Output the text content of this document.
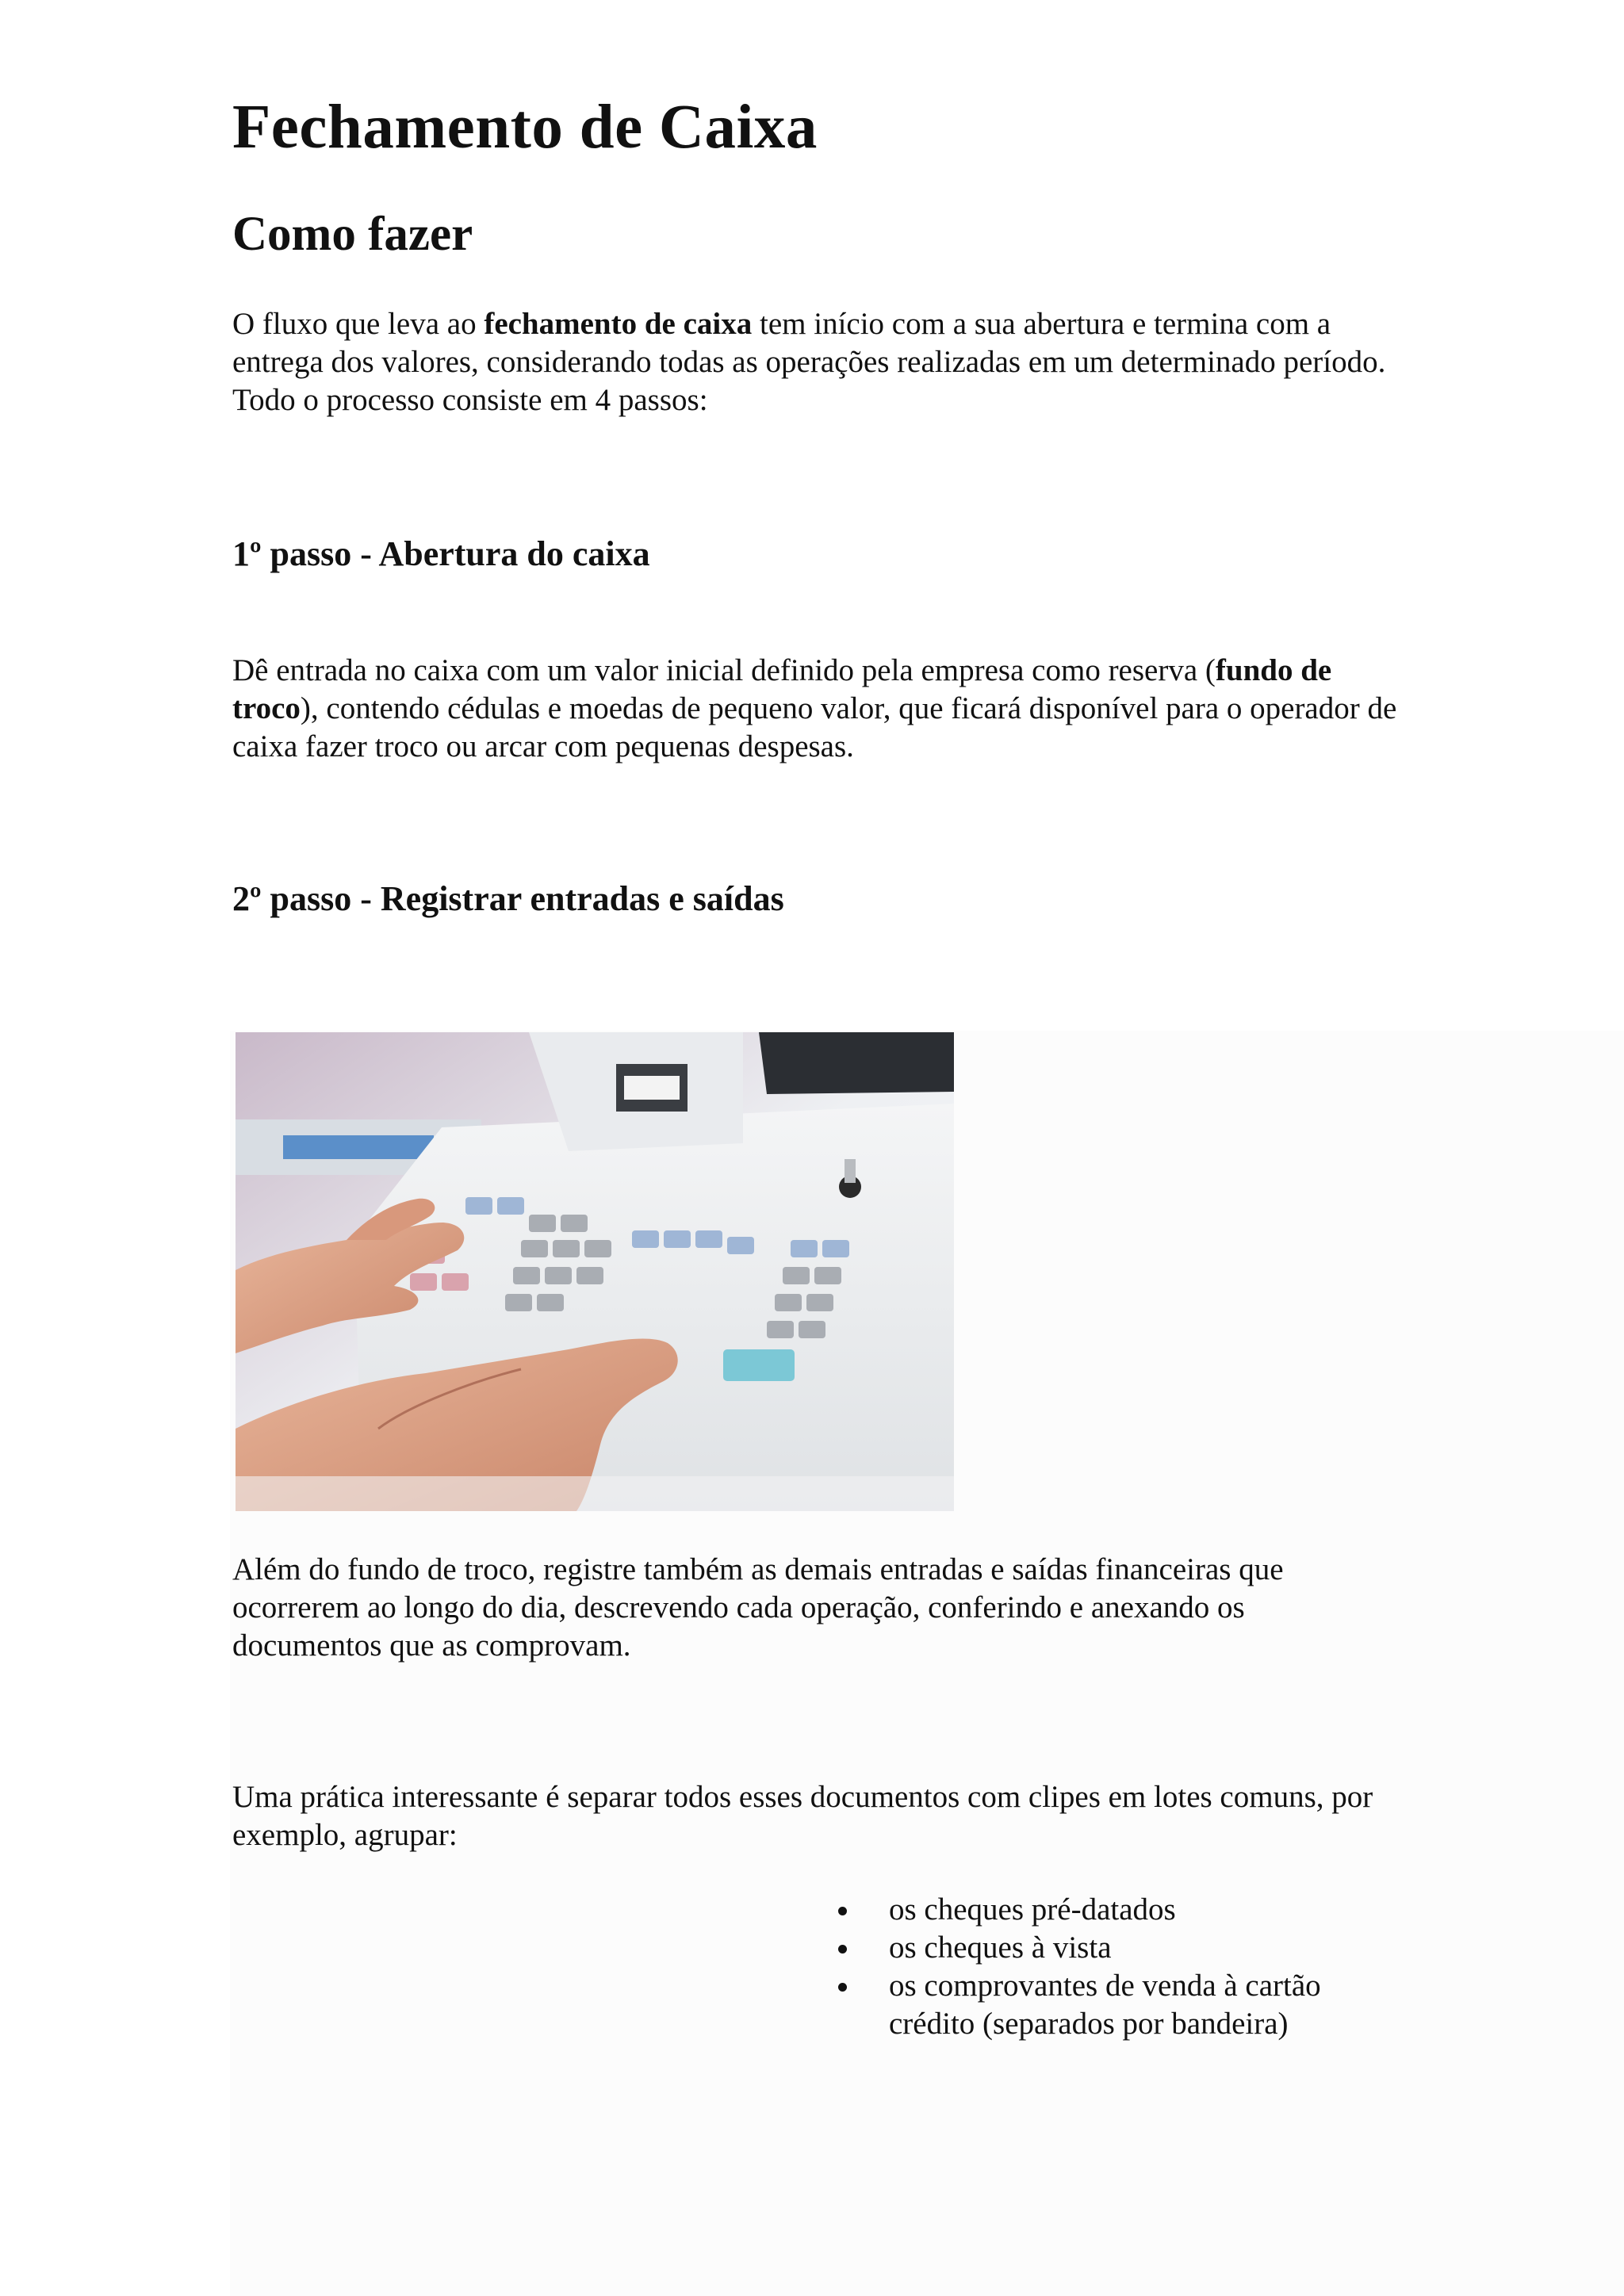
Fechamento de Caixa
Como fazer

O fluxo que leva ao fechamento de caixa tem início com a sua abertura e termina com a entrega dos valores, considerando todas as operações realizadas em um determinado período. Todo o processo consiste em 4 passos:

1º passo - Abertura do caixa

Dê entrada no caixa com um valor inicial definido pela empresa como reserva (fundo de troco), contendo cédulas e moedas de pequeno valor, que ficará disponível para o operador de caixa fazer troco ou arcar com pequenas despesas.

2º passo - Registrar entradas e saídas

Além do fundo de troco, registre também as demais entradas e saídas financeiras que ocorrerem ao longo do dia, descrevendo cada operação, conferindo e anexando os documentos que as comprovam.

Uma prática interessante é separar todos esses documentos com clipes em lotes comuns, por exemplo, agrupar:

os cheques pré-datados
os cheques à vista
os comprovantes de venda à cartão crédito (separados por bandeira)
